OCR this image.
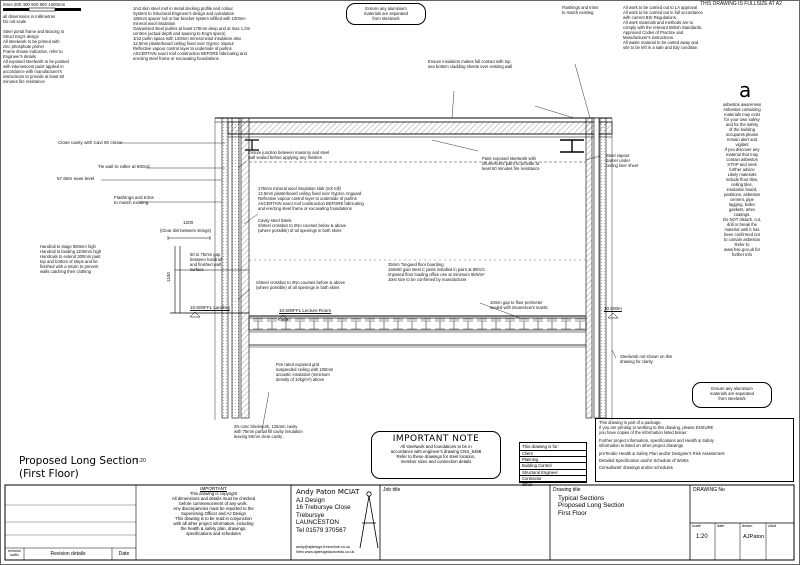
0mm 200 400 600 800 1600mm	THIS DRAWING IS FULLSIZE AT A2
all dimensions in millimetres
Do not scale

Steel portal frame and Bracing to
Struct Eng's design
All steelwork to be primed with
zinc phosphate primer
Frame shown indicative, refer to
Engineer's details
All exposed steelwork to be painted
with intumescent paint applied in
accordance with manufacturer's
instructions to provide at least 60
minutes fire resistance
1m2 skin steel roof in metal decking profile and colour
System to Structural Engineer's design and calculation
180mm spacer rail or bar bracket system infilled with 100mm
mineral wool insulation
Galvanised steel purlins at least 175mm deep and at max 1.0m
centres (actual depth and spacing to Eng's specs)
1m2 purlin space with 120mm mineral wool insulation also
12.5mm plasterboard ceiling fixed over Gyproc Vapour
Reflective vapour control layer to underside of purlins
ASCERTAIN exact roof construction BEFORE fabricating and
erecting steel frame or excavating foundations
Ensure any aluminium
materials are separated
from steelwork
Flashings and trims
to match existing
All work to be carried out to LA approval
All work to be carried out in full accordance
with current BSI Regulations,
All work materials and methods are to
comply with the relevant British Standards,
Approved Codes of Practice and
Manufacturer's instructions.
All waste material to be carted away and
site to be left in a safe and tidy condition
a
asbestos awareness
Asbestos containing
materials may exist
for your own safety
and for the safety
of the building
occupants please
remain alert and
vigilant
If you discover any
material that may
contain asbestos
STOP and seek
further advice
Likely materials
include floor tiles,
ceiling tiles,
insulation board,
partitions, asbestos
cement, pipe
lagging, boiler
gaskets, artex
coatings.
Do NOT disturb, cut,
drill or break the
material until it has
been confirmed not
to contain asbestos
Refer to
www.hse.gov.uk for
further info
Ensure insulation makes full contact with top
sea bottom cladding sheets over existing wall
Close cavity with Cavi 60 closer
Tie wall to rafter at 900c/c
Flashings and trims
to match existing
57.68m eave level
Ensure junction between masonry and steel
wall sealed before applying any finishes
175mm mineral wool insulation slab (not roll)
12.5mm plasterboard ceiling fixed over Gyproc Anguard
Reflective vapour control layer to underside of purlins
ASCERTAIN exact roof construction BEFORE fabricating
and erecting steel frame or excavating foundations
Paint exposed steelwork with
intumescent paint to provide at
least 60 minutes fire resistance
Steel vapour
barrier under
ceiling liner sheet
Cavity steel lintels
S/steel crossbar to 2No courses below & above
(where possible) of all openings in both skins
1200
(Clear dist between strings)
Handrail to stage 900mm high
Handrail to landing 1100mm high
Handrails to extend 300mm past
top and bottom of steps and be
finished with a return to prevent
walls catching their clothing
50 to 75mm gap
between handrail
and finished wall
surface
1100
25mm Tongued floor boarding
150x50 gain steel C joists installed in pairs at 600c/c
Imposed floor loading office use at minimum 5kN/m²
Joist size to be confirmed by manufacturer
S/steel crossbar to 2No courses before & above
(where possible) of all openings in both skins
10mm gap to floor perimeter
sealed with intumescent mastic
10.600FFL Landing
10.600FFL Lecture Room	10.600m
Fire rated exposed grid
suspended ceiling with 100mm
acoustic insulation (minimum
density of 10kg/m³) above
Steelwork not shown on this
drawing for clarity
Ensure any aluminium
materials are separated
from steelwork
2N conc blockwork, 125mm cavity
with 75mm partial fill cavity insulation
leaving 50mm clear cavity
Proposed Long Section
1:20
(First Floor)
IMPORTANT NOTE
All steelwork and foundations to be in
accordance with engineer's drawing CNS_6498
Refer to these drawings for steel location,
member sizes and connection details
This drawing is for:
Client
Planning
Building Control
Structural Engineer
Contractor
Other
This drawing is part of a package.
If you are printing or working to this drawing, please ENSURE
you have copies of the information listed below:
Further project information, specifications and Health & Safety
information is listed on other project drawings
preTender Health & Safety Plan and/or Designer's Risk Assessment
Detailed Specification and/or Schedule of Works
Consultants' drawings and/or schedules
IMPORTANT
This drawing is copyright
All dimensions and details must be checked
before commencement of any work.
Any discrepancies must be reported to the
Supervising Officer and AJ Design
This drawing is to be read in conjunction
with all other project information, including
the health & safety plan, drawings,
specifications and schedules
revision
suffix	Revision details	Date
Andy Paton MCIAT
AJ Design
16 Trebursye Close
Trebursye
LAUNCESTON
Tel 01579 370567
andy@ajdesign.freeonline.co.uk
Web www.ajdesignlauncesto.co.uk
Job title	Drawing title
Typical Sections
Proposed Long Section
First Floor
DRAWING No
scale
1:20
date	drawn
AJPaton
chkd
